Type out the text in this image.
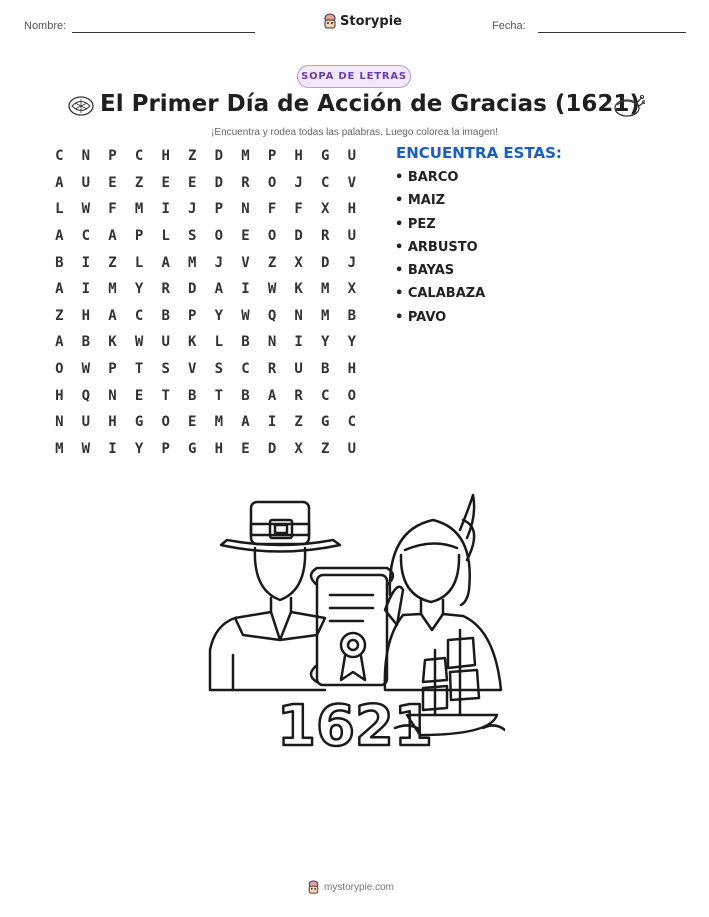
Nombre:	Storypie	Fecha:
SOPA DE LETRAS
El Primer Día de Acción de Gracias (1621)
¡Encuentra y rodea todas las palabras. Luego colorea la imagen!
C	N	P	C	H	Z	D	M	P	H	G	U
A	U	E	Z	E	E	D	R	O	J	C	V
L	W	F	M	I	J	P	N	F	F	X	H
A	C	A	P	L	S	O	E	O	D	R	U
B	I	Z	L	A	M	J	V	Z	X	D	J
A	I	M	Y	R	D	A	I	W	K	M	X
Z	H	A	C	B	P	Y	W	Q	N	M	B
A	B	K	W	U	K	L	B	N	I	Y	Y
O	W	P	T	S	V	S	C	R	U	B	H
H	Q	N	E	T	B	T	B	A	R	C	O
N	U	H	G	O	E	M	A	I	Z	G	C
M	W	I	Y	P	G	H	E	D	X	Z	U
ENCUENTRA ESTAS:
• BARCO
• MAIZ
• PEZ
• ARBUSTO
• BAYAS
• CALABAZA
• PAVO
1621
mystorypie.com
